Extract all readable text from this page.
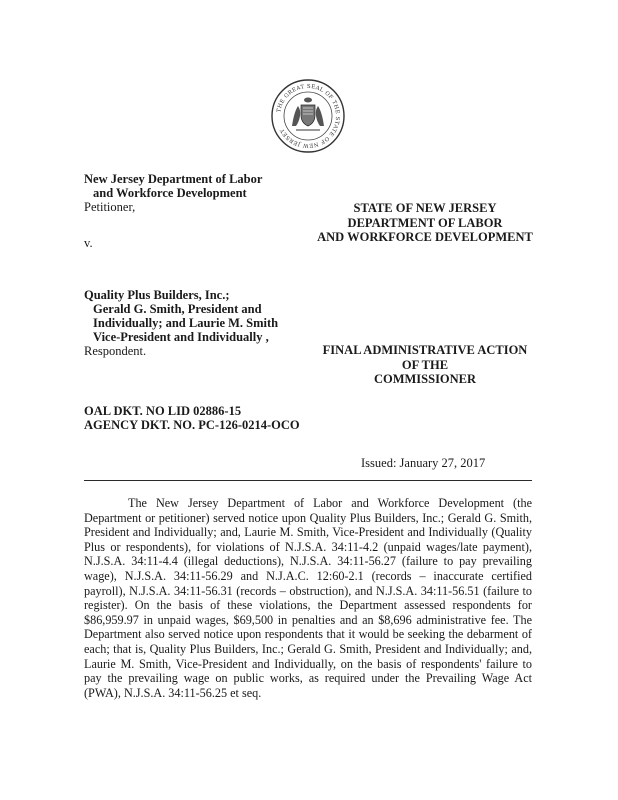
THE GREAT SEAL OF THE STATE OF NEW JERSEY
New Jersey Department of Labor
and Workforce Development
Petitioner,
v.
Quality Plus Builders, Inc.;
Gerald G. Smith, President and
Individually; and Laurie M. Smith
Vice-President and Individually ,
Respondent.
STATE OF NEW JERSEY
DEPARTMENT OF LABOR
AND WORKFORCE DEVELOPMENT
FINAL ADMINISTRATIVE ACTION
OF THE
COMMISSIONER
OAL DKT. NO LID 02886-15
AGENCY DKT. NO. PC-126-0214-OCO
Issued: January 27, 2017

The New Jersey Department of Labor and Workforce Development (the Department or petitioner) served notice upon Quality Plus Builders, Inc.; Gerald G. Smith, President and Individually; and, Laurie M. Smith, Vice-President and Individually (Quality Plus or respondents), for violations of N.J.S.A. 34:11-4.2 (unpaid wages/late payment), N.J.S.A. 34:11-4.4 (illegal deductions), N.J.S.A. 34:11-56.27 (failure to pay prevailing wage), N.J.S.A. 34:11-56.29 and N.J.A.C. 12:60-2.1 (records – inaccurate certified payroll), N.J.S.A. 34:11-56.31 (records – obstruction), and N.J.S.A. 34:11-56.51 (failure to register). On the basis of these violations, the Department assessed respondents for $86,959.97 in unpaid wages, $69,500 in penalties and an $8,696 administrative fee. The Department also served notice upon respondents that it would be seeking the debarment of each; that is, Quality Plus Builders, Inc.; Gerald G. Smith, President and Individually; and, Laurie M. Smith, Vice-President and Individually, on the basis of respondents' failure to pay the prevailing wage on public works, as required under the Prevailing Wage Act (PWA), N.J.S.A. 34:11-56.25 et seq.
